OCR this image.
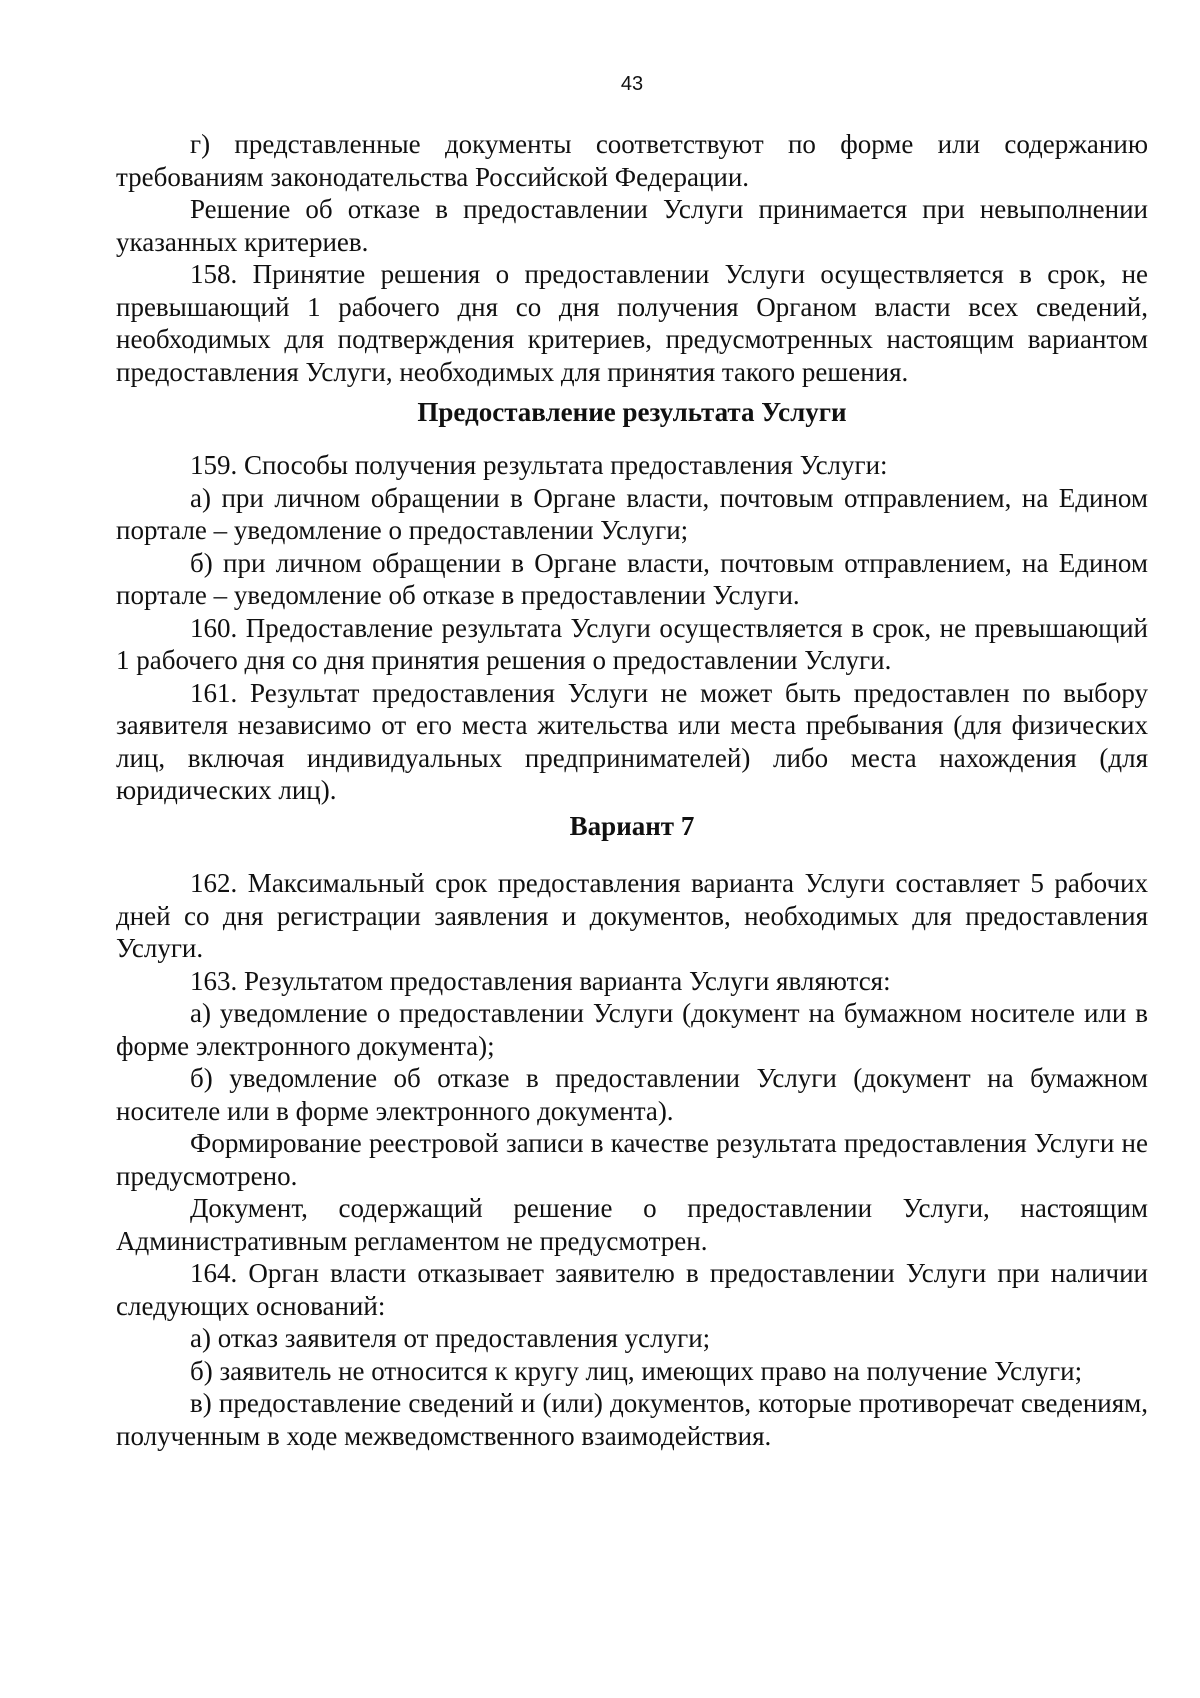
43

г) представленные документы соответствуют по форме или содержанию требованиям законодательства Российской Федерации.

Решение об отказе в предоставлении Услуги принимается при невыполнении указанных критериев.

158. Принятие решения о предоставлении Услуги осуществляется в срок, не превышающий 1 рабочего дня со дня получения Органом власти всех сведений, необходимых для подтверждения критериев, предусмотренных настоящим вариантом предоставления Услуги, необходимых для принятия такого решения.

Предоставление результата Услуги

159. Способы получения результата предоставления Услуги:

а) при личном обращении в Органе власти, почтовым отправлением, на Едином портале – уведомление о предоставлении Услуги;

б) при личном обращении в Органе власти, почтовым отправлением, на Едином портале – уведомление об отказе в предоставлении Услуги.

160. Предоставление результата Услуги осуществляется в срок, не превышающий 1 рабочего дня со дня принятия решения о предоставлении Услуги.

161. Результат предоставления Услуги не может быть предоставлен по выбору заявителя независимо от его места жительства или места пребывания (для физических лиц, включая индивидуальных предпринимателей) либо места нахождения (для юридических лиц).

Вариант 7

162. Максимальный срок предоставления варианта Услуги составляет 5 рабочих дней со дня регистрации заявления и документов, необходимых для предоставления Услуги.

163. Результатом предоставления варианта Услуги являются:

а) уведомление о предоставлении Услуги (документ на бумажном носителе или в форме электронного документа);

б) уведомление об отказе в предоставлении Услуги (документ на бумажном носителе или в форме электронного документа).

Формирование реестровой записи в качестве результата предоставления Услуги не предусмотрено.

Документ, содержащий решение о предоставлении Услуги, настоящим Административным регламентом не предусмотрен.

164. Орган власти отказывает заявителю в предоставлении Услуги при наличии следующих оснований:

а) отказ заявителя от предоставления услуги;

б) заявитель не относится к кругу лиц, имеющих право на получение Услуги;

в) предоставление сведений и (или) документов, которые противоречат сведениям, полученным в ходе межведомственного взаимодействия.
